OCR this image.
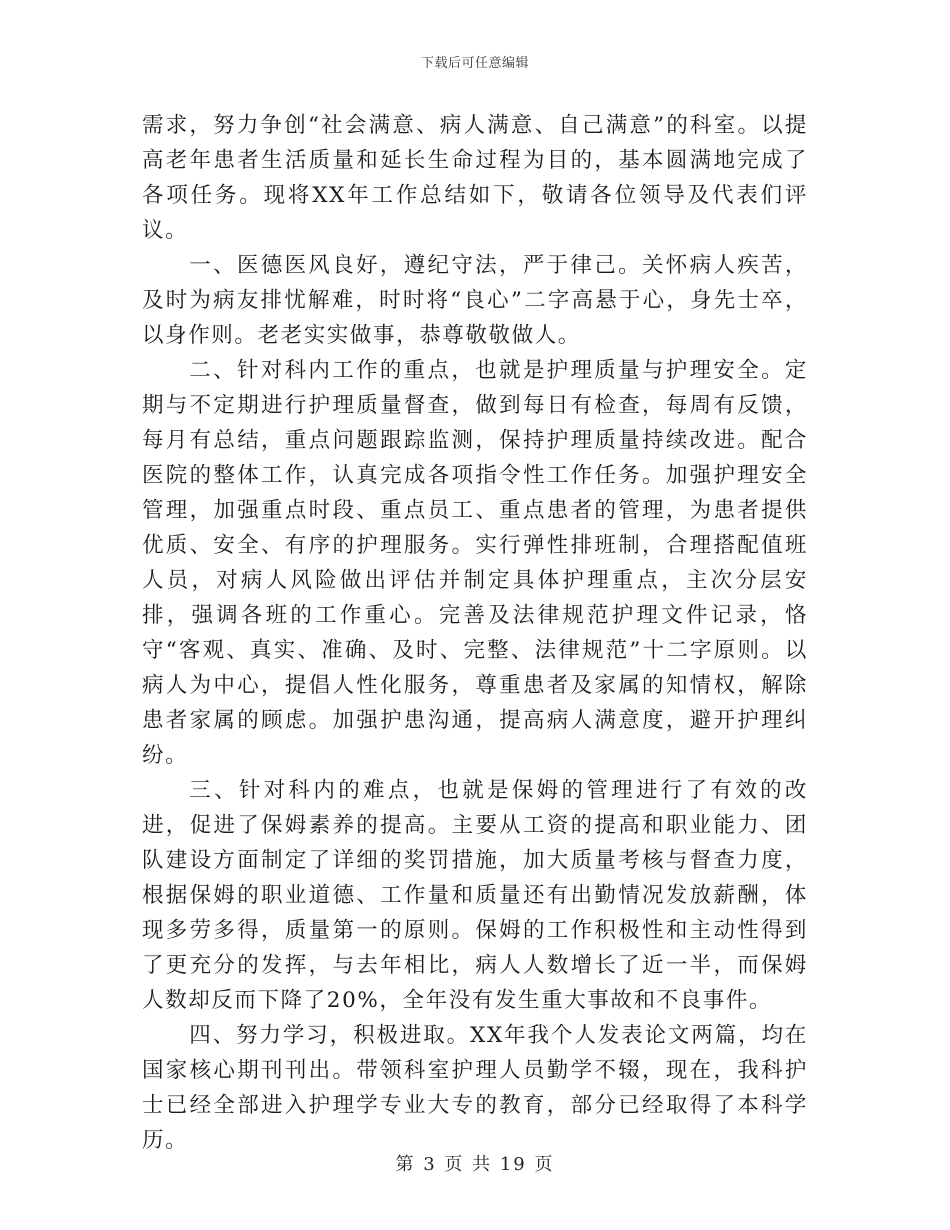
下载后可任意编辑

需求，努力争创“社会满意、病人满意、自己满意”的科室。以提高老年患者生活质量和延长生命过程为目的，基本圆满地完成了各项任务。现将XX年工作总结如下，敬请各位领导及代表们评议。

一、医德医风良好，遵纪守法，严于律己。关怀病人疾苦，及时为病友排忧解难，时时将“良心”二字高悬于心，身先士卒，以身作则。老老实实做事，恭尊敬敬做人。

二、针对科内工作的重点，也就是护理质量与护理安全。定期与不定期进行护理质量督查，做到每日有检查，每周有反馈，每月有总结，重点问题跟踪监测，保持护理质量持续改进。配合医院的整体工作，认真完成各项指令性工作任务。加强护理安全管理，加强重点时段、重点员工、重点患者的管理，为患者提供优质、安全、有序的护理服务。实行弹性排班制，合理搭配值班人员，对病人风险做出评估并制定具体护理重点，主次分层安排，强调各班的工作重心。完善及法律规范护理文件记录，恪守“客观、真实、准确、及时、完整、法律规范”十二字原则。以病人为中心，提倡人性化服务，尊重患者及家属的知情权，解除患者家属的顾虑。加强护患沟通，提高病人满意度，避开护理纠纷。

三、针对科内的难点，也就是保姆的管理进行了有效的改进，促进了保姆素养的提高。主要从工资的提高和职业能力、团队建设方面制定了详细的奖罚措施，加大质量考核与督查力度，根据保姆的职业道德、工作量和质量还有出勤情况发放薪酬，体现多劳多得，质量第一的原则。保姆的工作积极性和主动性得到了更充分的发挥，与去年相比，病人人数增长了近一半，而保姆人数却反而下降了20%，全年没有发生重大事故和不良事件。

四、努力学习，积极进取。XX年我个人发表论文两篇，均在国家核心期刊刊出。带领科室护理人员勤学不辍，现在，我科护士已经全部进入护理学专业大专的教育，部分已经取得了本科学历。

第 3 页 共 19 页
